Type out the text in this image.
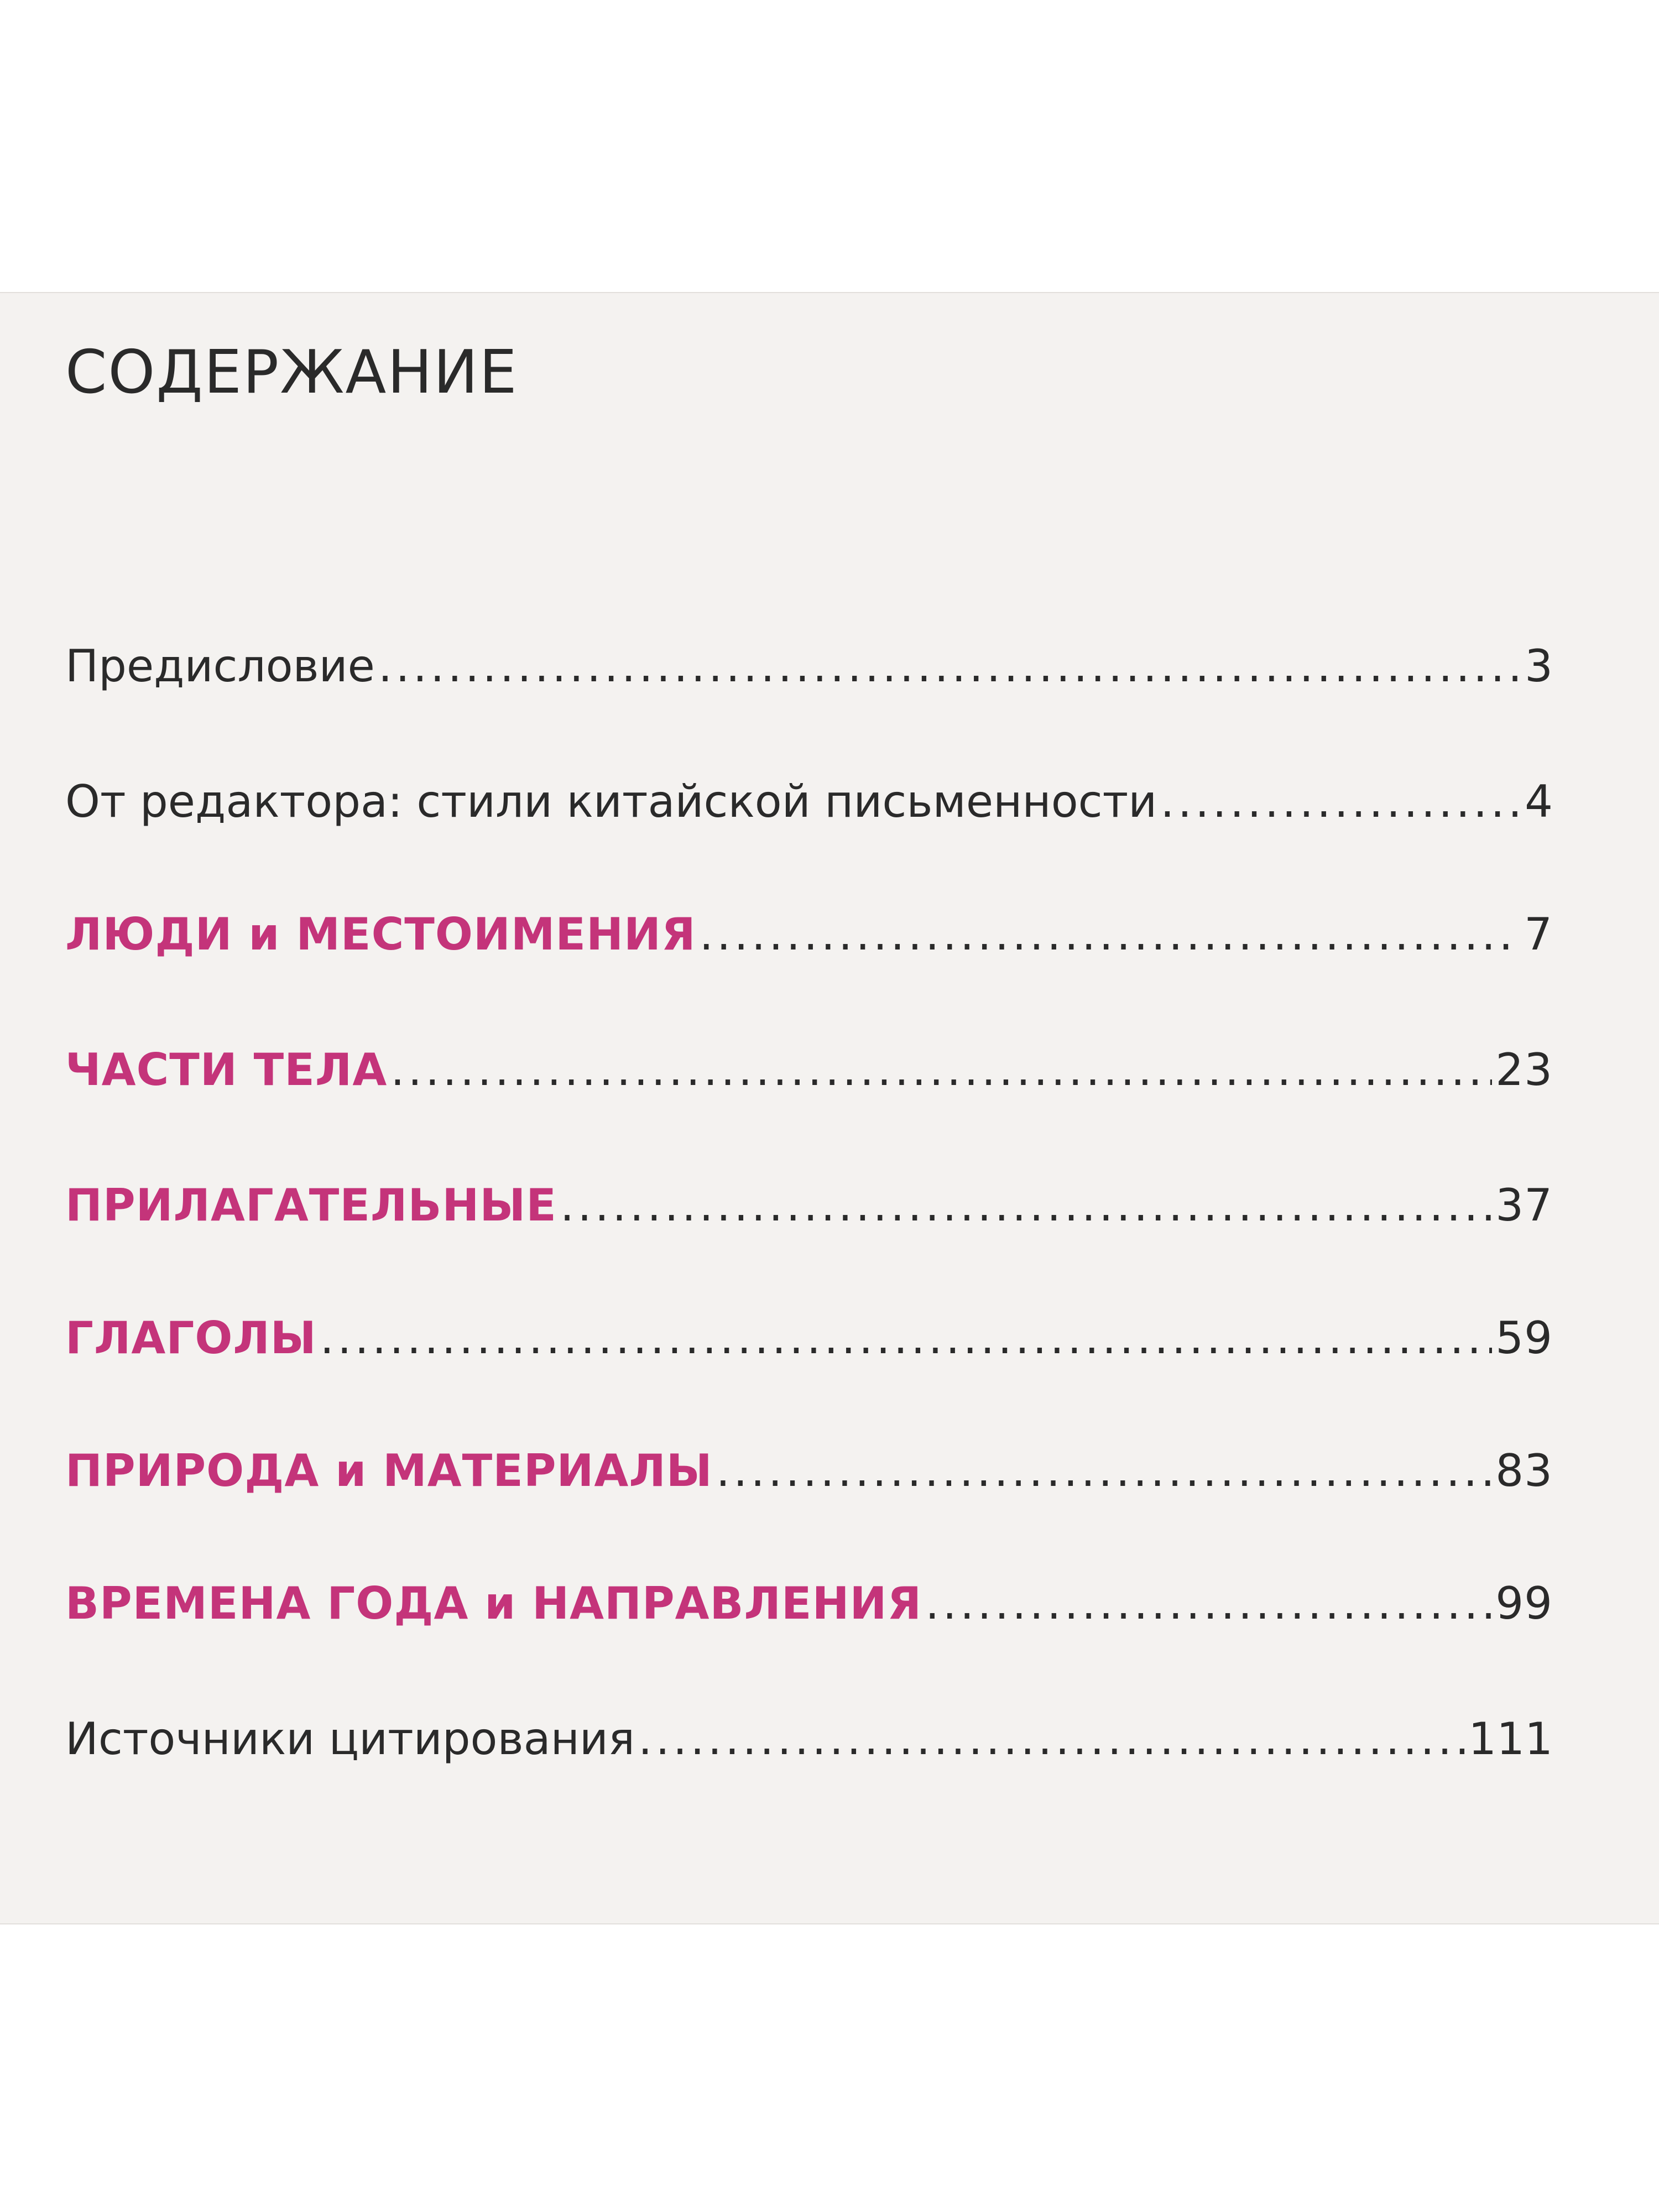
СОДЕРЖАНИЕ
Предисловие .....	3
От редактора: стили китайской письменности .....	4
ЛЮДИ и МЕСТОИМЕНИЯ .....	7
ЧАСТИ ТЕЛА .....	23
ПРИЛАГАТЕЛЬНЫЕ .....	37
ГЛАГОЛЫ .....	59
ПРИРОДА и МАТЕРИАЛЫ .....	83
ВРЕМЕНА ГОДА и НАПРАВЛЕНИЯ .....	99
Источники цитирования .....	111
